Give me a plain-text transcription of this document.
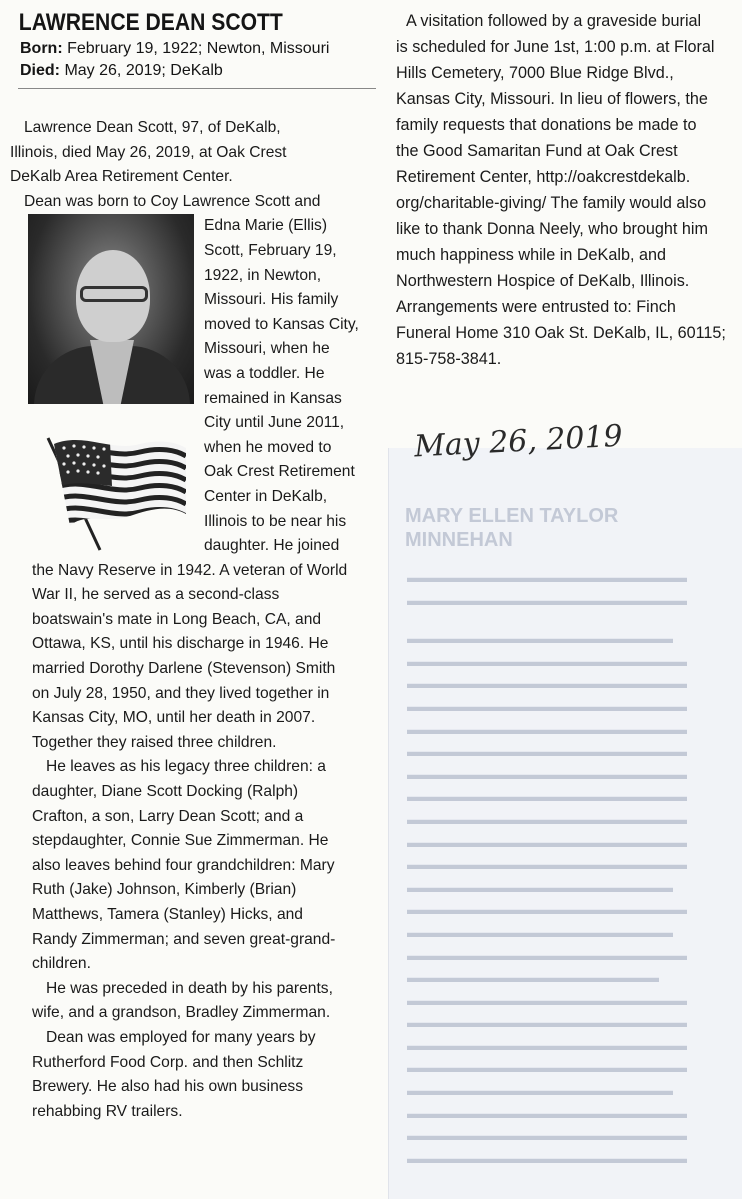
LAWRENCE DEAN SCOTT
Born: February 19, 1922; Newton, Missouri
Died: May 26, 2019; DeKalb
Lawrence Dean Scott, 97, of DeKalb,
Illinois, died May 26, 2019, at Oak Crest
DeKalb Area Retirement Center.
Dean was born to Coy Lawrence Scott and
Edna Marie (Ellis)
Scott, February 19,
1922, in Newton,
Missouri. His family
moved to Kansas City,
Missouri, when he
was a toddler. He
remained in Kansas
City until June 2011,
when he moved to
Oak Crest Retirement
Center in DeKalb,
Illinois to be near his
daughter. He joined
the Navy Reserve in 1942. A veteran of World
War II, he served as a second-class
boatswain's mate in Long Beach, CA, and
Ottawa, KS, until his discharge in 1946. He
married Dorothy Darlene (Stevenson) Smith
on July 28, 1950, and they lived together in
Kansas City, MO, until her death in 2007.
Together they raised three children.
He leaves as his legacy three children: a
daughter, Diane Scott Docking (Ralph)
Crafton, a son, Larry Dean Scott; and a
stepdaughter, Connie Sue Zimmerman. He
also leaves behind four grandchildren: Mary
Ruth (Jake) Johnson, Kimberly (Brian)
Matthews, Tamera (Stanley) Hicks, and
Randy Zimmerman; and seven great-grand-
children.
He was preceded in death by his parents,
wife, and a grandson, Bradley Zimmerman.
Dean was employed for many years by
Rutherford Food Corp. and then Schlitz
Brewery. He also had his own business
rehabbing RV trailers.
A visitation followed by a graveside burial
is scheduled for June 1st, 1:00 p.m. at Floral
Hills Cemetery, 7000 Blue Ridge Blvd.,
Kansas City, Missouri. In lieu of flowers, the
family requests that donations be made to
the Good Samaritan Fund at Oak Crest
Retirement Center, http://oakcrestdekalb.
org/charitable-giving/ The family would also
like to thank Donna Neely, who brought him
much happiness while in DeKalb, and
Northwestern Hospice of DeKalb, Illinois.
Arrangements were entrusted to: Finch
Funeral Home 310 Oak St. DeKalb, IL, 60115;
815-758-3841.
MARY ELLEN TAYLOR
MINNEHAN
▬▬▬▬▬▬▬▬▬▬▬▬▬▬▬▬▬▬▬▬
▬▬▬▬▬▬▬▬▬▬▬▬▬▬▬▬▬▬▬▬
▬▬▬▬▬▬▬▬▬▬▬▬▬▬▬▬▬▬▬
▬▬▬▬▬▬▬▬▬▬▬▬▬▬▬▬▬▬▬▬
▬▬▬▬▬▬▬▬▬▬▬▬▬▬▬▬▬▬▬▬
▬▬▬▬▬▬▬▬▬▬▬▬▬▬▬▬▬▬▬▬
▬▬▬▬▬▬▬▬▬▬▬▬▬▬▬▬▬▬▬▬
▬▬▬▬▬▬▬▬▬▬▬▬▬▬▬▬▬▬▬▬
▬▬▬▬▬▬▬▬▬▬▬▬▬▬▬▬▬▬▬▬
▬▬▬▬▬▬▬▬▬▬▬▬▬▬▬▬▬▬▬▬
▬▬▬▬▬▬▬▬▬▬▬▬▬▬▬▬▬▬▬▬
▬▬▬▬▬▬▬▬▬▬▬▬▬▬▬▬▬▬▬▬
▬▬▬▬▬▬▬▬▬▬▬▬▬▬▬▬▬▬▬▬
▬▬▬▬▬▬▬▬▬▬▬▬▬▬▬▬▬▬▬
▬▬▬▬▬▬▬▬▬▬▬▬▬▬▬▬▬▬▬▬
▬▬▬▬▬▬▬▬▬▬▬▬▬▬▬▬▬▬▬
▬▬▬▬▬▬▬▬▬▬▬▬▬▬▬▬▬▬▬▬
▬▬▬▬▬▬▬▬▬▬▬▬▬▬▬▬▬▬
▬▬▬▬▬▬▬▬▬▬▬▬▬▬▬▬▬▬▬▬
▬▬▬▬▬▬▬▬▬▬▬▬▬▬▬▬▬▬▬▬
▬▬▬▬▬▬▬▬▬▬▬▬▬▬▬▬▬▬▬▬
▬▬▬▬▬▬▬▬▬▬▬▬▬▬▬▬▬▬▬▬
▬▬▬▬▬▬▬▬▬▬▬▬▬▬▬▬▬▬▬
▬▬▬▬▬▬▬▬▬▬▬▬▬▬▬▬▬▬▬▬
▬▬▬▬▬▬▬▬▬▬▬▬▬▬▬▬▬▬▬▬
▬▬▬▬▬▬▬▬▬▬▬▬▬▬▬▬▬▬▬▬
May 26, 2019
